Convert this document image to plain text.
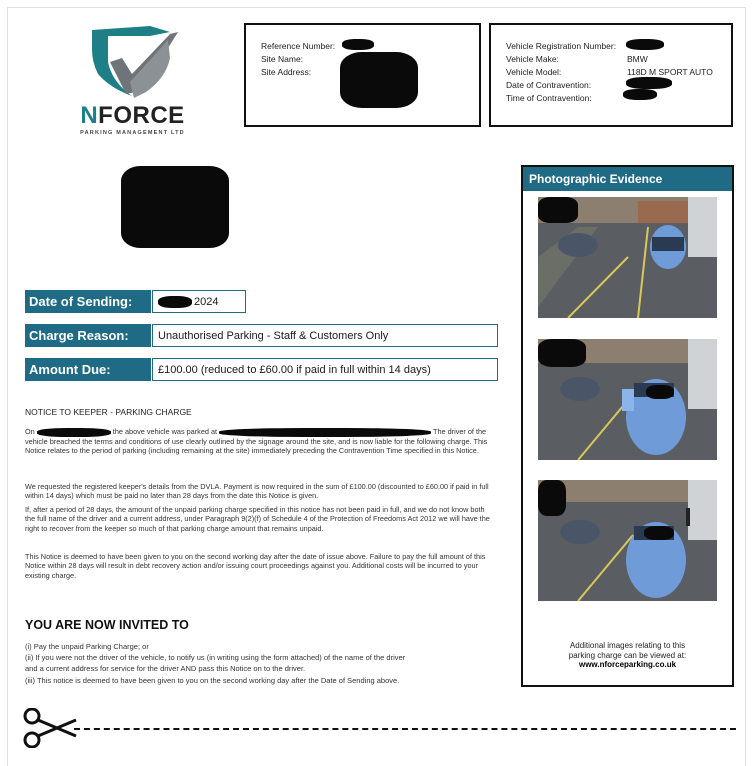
NFORCE
PARKING MANAGEMENT LTD
Reference Number:
Site Name:
Site Address:
Vehicle Registration Number:
Vehicle Make:	BMW
Vehicle Model:	118D M SPORT AUTO
Date of Contravention:
Time of Contravention:
Date of Sending:	2024
Charge Reason:	Unauthorised Parking - Staff & Customers Only
Amount Due:	£100.00 (reduced to £60.00 if paid in full within 14 days)
NOTICE TO KEEPER - PARKING CHARGE
On	the above vehicle was parked at	The driver of the vehicle breached the terms and conditions of use clearly outlined by the signage around the site, and is now liable for the following charge. This Notice relates to the period of parking (including remaining at the site) immediately preceding the Contravention Time specified in this Notice.
We requested the registered keeper's details from the DVLA. Payment is now required in the sum of £100.00 (discounted to £60.00 if paid in full within 14 days) which must be paid no later than 28 days from the date this Notice is given.
If, after a period of 28 days, the amount of the unpaid parking charge specified in this notice has not been paid in full, and we do not know both the full name of the driver and a current address, under Paragraph 9(2)(f) of Schedule 4 of the Protection of Freedoms Act 2012 we will have the right to recover from the keeper so much of that parking charge amount that remains unpaid.
This Notice is deemed to have been given to you on the second working day after the date of issue above. Failure to pay the full amount of this Notice within 28 days will result in debt recovery action and/or issuing court proceedings against you. Additional costs will be incurred to your existing charge.
YOU ARE NOW INVITED TO
(i) Pay the unpaid Parking Charge; or
(ii) If you were not the driver of the vehicle, to notify us (in writing using the form attached) of the name of the driver
and a current address for service for the driver AND pass this Notice on to the driver.
(iii) This notice is deemed to have been given to you on the second working day after the Date of Sending above.
Photographic Evidence
Additional images relating to this
parking charge can be viewed at:
www.nforceparking.co.uk
